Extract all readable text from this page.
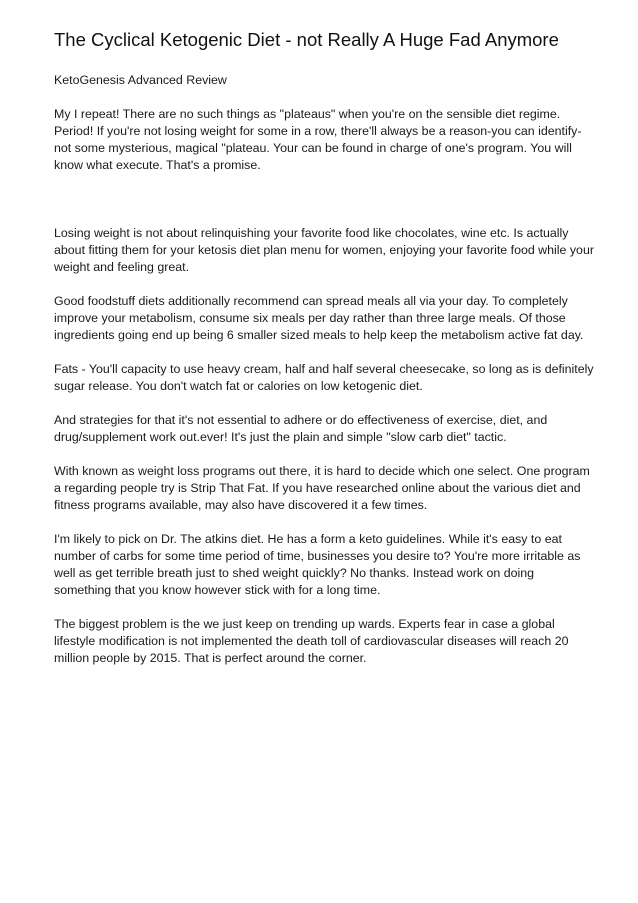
The Cyclical Ketogenic Diet - not Really A Huge Fad Anymore

KetoGenesis Advanced Review

My I repeat! There are no such things as "plateaus" when you're on the sensible diet regime. Period! If you're not losing weight for some in a row, there'll always be a reason-you can identify-not some mysterious, magical "plateau. Your can be found in charge of one's program. You will know what execute. That's a promise.

Losing weight is not about relinquishing your favorite food like chocolates, wine etc. Is actually about fitting them for your ketosis diet plan menu for women, enjoying your favorite food while your weight and feeling great.

Good foodstuff diets additionally recommend can spread meals all via your day. To completely improve your metabolism, consume six meals per day rather than three large meals. Of those ingredients going end up being 6 smaller sized meals to help keep the metabolism active fat day.

Fats - You'll capacity to use heavy cream, half and half several cheesecake, so long as is definitely sugar release. You don't watch fat or calories on low ketogenic diet.

And strategies for that it's not essential to adhere or do effectiveness of exercise, diet, and drug/supplement work out.ever! It's just the plain and simple "slow carb diet" tactic.

With known as weight loss programs out there, it is hard to decide which one select. One program a regarding people try is Strip That Fat. If you have researched online about the various diet and fitness programs available, may also have discovered it a few times.

I'm likely to pick on Dr. The atkins diet. He has a form a keto guidelines. While it's easy to eat number of carbs for some time period of time, businesses you desire to? You're more irritable as well as get terrible breath just to shed weight quickly? No thanks. Instead work on doing something that you know however stick with for a long time.

The biggest problem is the we just keep on trending up wards. Experts fear in case a global lifestyle modification is not implemented the death toll of cardiovascular diseases will reach 20 million people by 2015. That is perfect around the corner.
